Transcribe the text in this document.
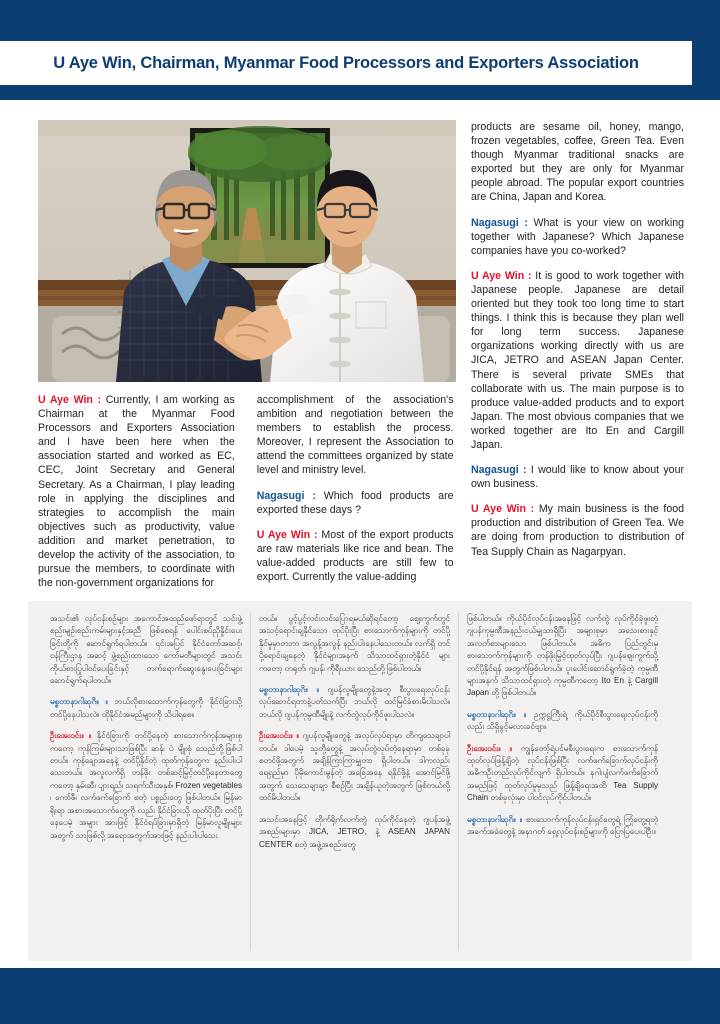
U Aye Win, Chairman, Myanmar Food Processors and Exporters Association

products are sesame oil, honey, mango, frozen vegetables, coffee, Green Tea. Even though Myanmar traditional snacks are exported but they are only for Myanmar people abroad. The popular export countries are China, Japan and Korea.

Nagasugi : What is your view on working together with Japanese? Which Japanese companies have you co-worked?

U Aye Win : It is good to work together with Japanese people. Japanese are detail oriented but they took too long time to start things. I think this is because they plan well for long term success. Japanese organizations working directly with us are JICA, JETRO and ASEAN Japan Center. There is several private SMEs that collaborate with us. The main purpose is to produce value-added products and to export Japan. The most obvious companies that we worked together are Ito En and Cargill Japan.

Nagasugi : I would like to know about your own business.

U Aye Win : My main business is the food production and distribution of Green Tea. We are doing from production to distribution of Tea Supply Chain as Nagarpyan.

U Aye Win : Currently, I am working as Chairman at the Myanmar Food Processors and Exporters Association and I have been here when the association started and worked as EC, CEC, Joint Secretary and General Secretary. As a Chairman, I play leading role in applying the disciplines and strategies to accomplish the main objectives such as productivity, value addition and market penetration, to develop the activity of the association, to pursue the members, to coordinate with the non-government organizations for

accomplishment of the association's ambition and negotiation between the members to establish the process. Moreover, I represent the Association to attend the committees organized by state level and ministry level.

Nagasugi : Which food products are exported these days ?

U Aye Win : Most of the export products are raw materials like rice and bean. The value-added products are still few to export. Currently the value-adding

အသင်း၏ လုပ်ငန်းစဉ်များ အကောင်အထည်ဖော်ရာတွင် သင်းဖွဲ့စည်းမျဉ်းစည်းကမ်းများနှင့်အညီ ဖြစ်စေရန် ပေါင်းစပ်ညှိနှိုင်းပေးခြင်းတို့ကို ဆောင်ရွက်ရပါတယ်။ ၎င်းအပြင် နိုင်ငံတော်အဆင့်၊ ဝန်ကြီးဌာန အဆင့် ဖွဲ့စည်းထားသော ကော်မတီများတွင် အသင်းကိုယ်စားပြုပါဝင်ပေးခြင်းနှင့် တက်ရောက်ဆွေးနွေးပေးခြင်းများ ဆောင်ရွက်ရပါတယ်။

မစ္စတာနာဂါဆုဂိ။ ။ ဘယ်လိုစားသောက်ကုန်တွေကို နိုင်ငံခြားသို့ တင်ပို့နေပါသလဲ။ ထိုနိုင်ငံအမည်များကို သိပါရစေ။

ဦးအေးဝင်း။ ။ နိုင်ငံခြားကို တင်ပို့နေတဲ့ စားသောက်ကုန်အများစုကတော့ ကုန်ကြမ်းများသာဖြစ်ပြီး ဆန်၊ ပဲ မျိုးစုံ သေည်တို့ဖြစ်ပါတယ်။ ကုန်ချောအနေနဲ့ တင်ပို့နိုင်တဲ့ ထုတ်ကုန်တွေက နည်းပါးပါသေးတယ်။ အလှုလက်ရှိ တန်ဖိုး တစ်ဆင့်မြှင့်တင်ပို့နေတာတွေကတော့ နှမ်းဆီ၊ ပျားရည်၊ သရက်သီးအနှစ်၊ Frozen vegetables ၊ ကော်ဖီ၊ လက်ဖက်ခြောက် စတဲ့ ပစ္စည်းတွေ ဖြစ်ပါတယ်။ မြန်မာရိုးရာ အစားအသောက်တွေကို လည်း နိုင်ငံခြားသို့ ထုတ်ပိုးပြီး တင်ပို့နေပေမဲ့ အများ အားဖြင့် နိုင်ငံရပ်ခြားမှာရှိတဲ့ မြန်မာလူမျိုးများအတွက် သာဖြစ်လို့ အရောအတွက်အားဖြင့် နည်းပါးပါသေး

တယ်။ ပွင့်ပွင့်လင်းလင်းပြောရမယ်ဆိုရင်တော့ ဈေးကွက်တွင် အသင့်ရောင်းချနိုင်သော ထုပ်ပိုးပြီး စားသောက်ကုန်များကို တင်ပို့နိုင်မှုမှာတဘာ အလွန့်အလွန် နည်းပါးနေပါသေးတယ်။ လက်ရှိ တင်ပို့ရောင်းချနေတဲ့ နိုင်ငံများအနက် သိသာထင်ရှားတဲ့နိုင်ငံ များကတော့ တရုတ်၊ ဂျပန်၊ ကိုရီးယား သေည်တို့ဖြစ်ပါတယ်။

မစ္စတာနာဂါဆုဂိ။ ။ ဂျပန်လူမျိုးတွေနဲ့အတူ စီးပွားရေးလုပ်ငန်း လုပ်ဆောင်ရတာနဲ့ပတ်သက်ပြီး ဘယ်လို ထင်မြင်ခံစားမိပါသလဲ။ ဘယ်လို ဂျပန်ကုမ္ပဏီမျိုးနဲ့ လက်တွဲလုပ်ကိုင်ဖူးပါသလဲ။

ဦးအေးဝင်း။ ။ ဂျပန်လူမျိုးတွေနဲ့ အလုပ်လုပ်ရာမှာ တိကျသေချာပါတယ်။ ဒါပေမဲ့ သူတို့တွေနဲ့ အလုပ်တွဲလုပ်တဲ့နေရာမှာ တစ်ခုခု စတင်ဖို့အတွက် အချိန်ကြာကြာမျှတာ ရှိပါတယ်။ ဒါကလည်း ရေရှည်မှာ ပိုမိုကောင်းမွန်တဲ့ အခြေအနေ ရနိုင်ဖို့နဲ့ အောင်မြင်ဖို့အတွက် သေသေချာချာ စီစဉ်ပြီး အချိန်ယူတဲ့အတွက် ဖြစ်တယ်လို့ ထင်မိပါတယ်။

အသင်းအနေဖြင့် တိုက်ရိုက်လက်တွဲ လုပ်ကိုင်နေတဲ့ ဂျပန်အဖွဲ့အစည်းများမှာ JICA, JETRO, နဲ့ ASEAN JAPAN CENTER စတဲ့ အဖွဲ့အစည်းတွေ

ဖြစ်ပါတယ်။ ကိုယ်ပိုင်လုပ်ငန်းအနေဖြင့် လက်တွဲ လုပ်ကိုင်ခဲ့ဖူးတဲ့ ဂျပန်ကုမ္ပဏီအနည်းငယ်မျှသာရှိပြီး အများစုမှာ အသေးစားနှင့် အလတ်စားများသော ဖြစ်ပါတယ်။ အဓိက ပြည်တွင်းမှ စားသောက်ကုန်များကို တန်ဖိုးမြှင့်ထုတ်လုပ်ပြီး ဂျပန်ဈေးကွက်သို့ တင်ပို့နိုင်ရန် အတွက်ဖြစ်ပါတယ်။ ပူးပေါင်းဆောင်ရွက်ခဲ့တဲ့ ကုမ္ပဏီများအနက် သိသာထင်ရှားတဲ့ ကုမ္ပဏီကတော့ Ito En နဲ့ Cargill Japan တို့ ဖြစ်ပါတယ်။

မစ္စတာနာဂါဆုဂိ။ ။ ဥက္ကဋ္ဌကြီးရဲ့ ကိုယ်ပိုင်စီးပွားရေးလုပ်ငန်းကိုလည်း သိရှိခွင့်မလားခင်ဗျာ။

ဦးအေးဝင်း။ ။ ကျွန်တော့်ရဲ့ပင်မစီးပွားရေးက စားသောက်ကုန်ထုတ်လုပ်ဖြန့်ချိတဲ့ လုပ်ငန်းဖြစ်ပြီး လက်ဖက်ခြောက်လုပ်ငန်းကို အဓိကဦးတည်လုပ်ကိုင်လျက် ရှိပါတယ်။ နဂါးပျံလက်ဖက်ခြောက်အမည်ဖြင့် ထုတ်လုပ်မှုမှသည် ဖြန့်ချိရေးအထိ Tea Supply Chain တစ်ခုလုံးမှာ ပါဝင်လုပ်ကိုင်ပါတယ်။

မစ္စတာနာဂါဆုဂိ။ ။ စားသောက်ကုန်လုပ်ငန်းရှင်တွေရဲ့ ကြုံတွေ့ရတဲ့ အခက်အခဲတွေနဲ့ အနာဂတ် ရှေ့လုပ်ငန်းစဉ်များကို ပြောပြပေးပါဦး။
